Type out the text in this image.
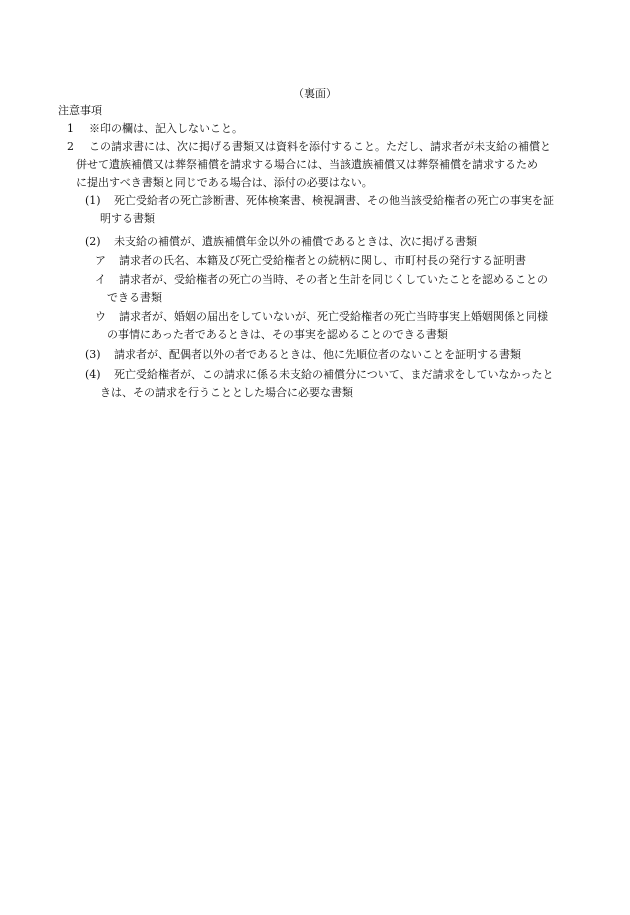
（裏面）
注意事項
1 ※印の欄は、記入しないこと。
2 この請求書には、次に掲げる書類又は資料を添付すること。ただし、請求者が未支給の補償と
併せて遺族補償又は葬祭補償を請求する場合には、当該遺族補償又は葬祭補償を請求するため
に提出すべき書類と同じである場合は、添付の必要はない。
(1) 死亡受給者の死亡診断書、死体検案書、検視調書、その他当該受給権者の死亡の事実を証
明する書類
(2) 未支給の補償が、遺族補償年金以外の補償であるときは、次に掲げる書類
ア 請求者の氏名、本籍及び死亡受給権者との続柄に関し、市町村長の発行する証明書
イ 請求者が、受給権者の死亡の当時、その者と生計を同じくしていたことを認めることの
できる書類
ウ 請求者が、婚姻の届出をしていないが、死亡受給権者の死亡当時事実上婚姻関係と同様
の事情にあった者であるときは、その事実を認めることのできる書類
(3) 請求者が、配偶者以外の者であるときは、他に先順位者のないことを証明する書類
(4) 死亡受給権者が、この請求に係る未支給の補償分について、まだ請求をしていなかったと
きは、その請求を行うこととした場合に必要な書類
